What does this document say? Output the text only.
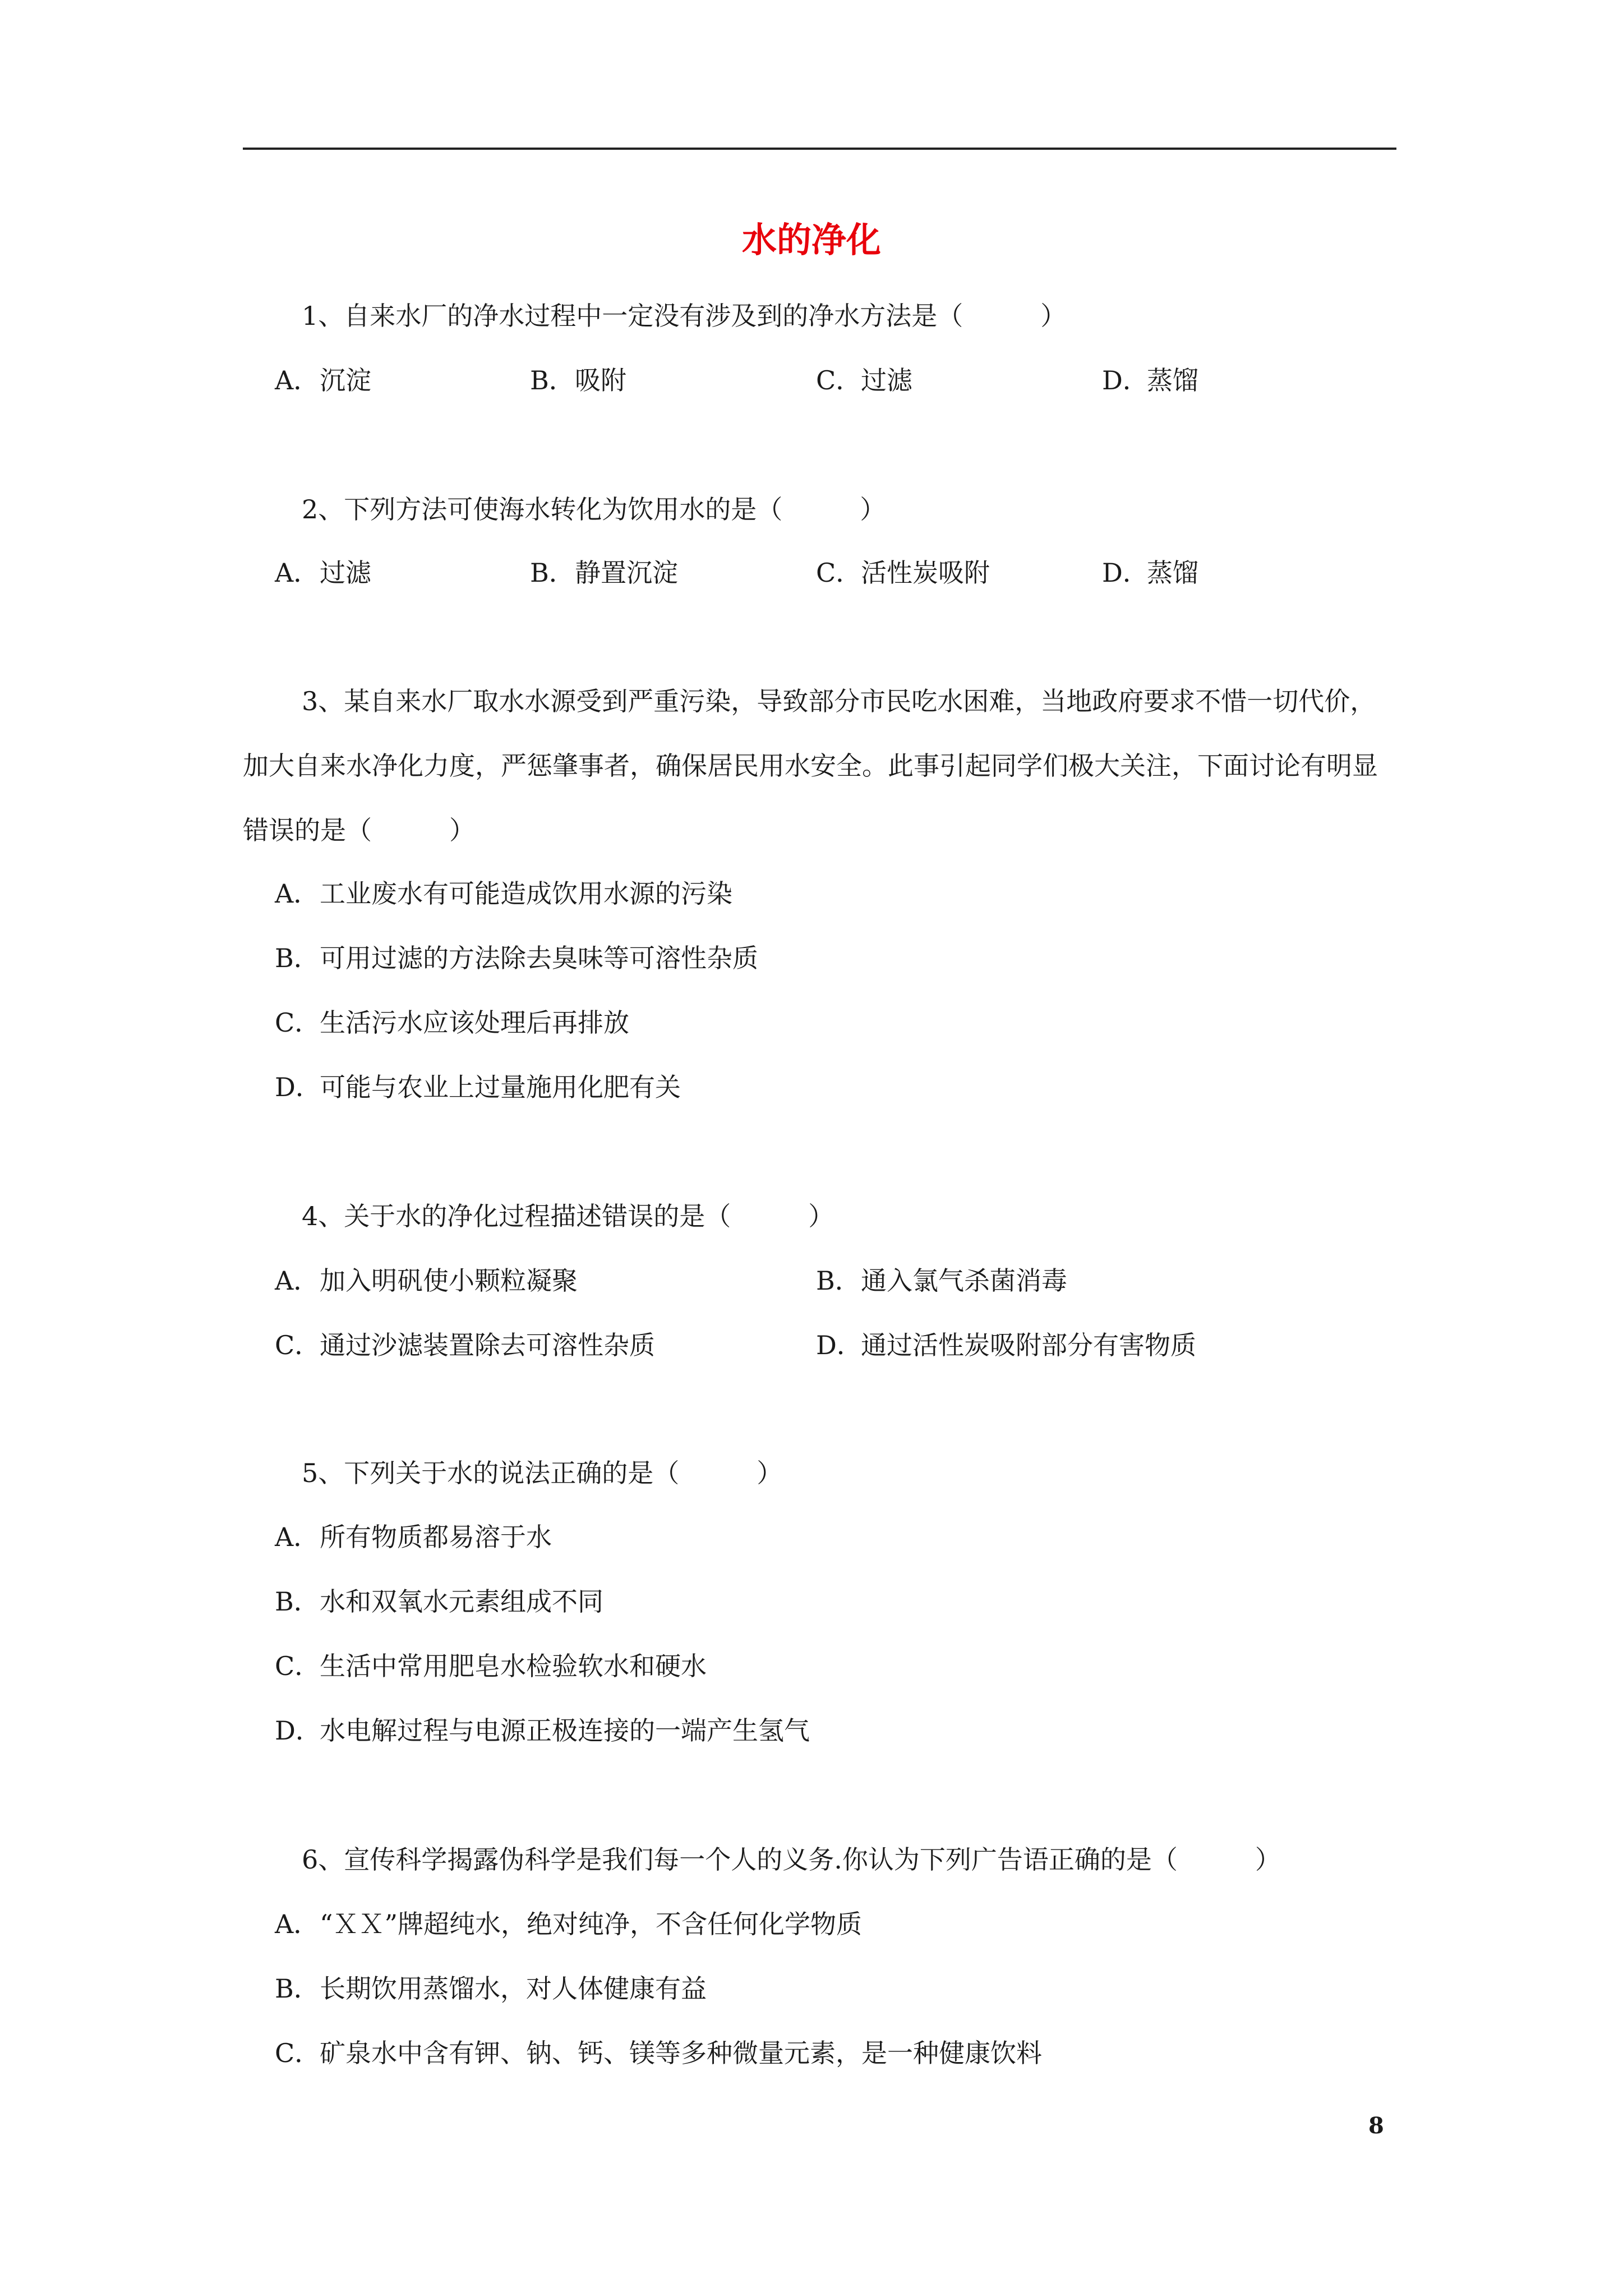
水的净化
1、自来水厂的净水过程中一定没有涉及到的净水方法是（　　　）
A．沉淀	B．吸附	C．过滤	D．蒸馏
2、下列方法可使海水转化为饮用水的是（　　　）
A．过滤	B．静置沉淀	C．活性炭吸附	D．蒸馏
3、某自来水厂取水水源受到严重污染，导致部分市民吃水困难，当地政府要求不惜一切代价，加大自来水净化力度，严惩肇事者，确保居民用水安全。此事引起同学们极大关注，下面讨论有明显错误的是（　　　）
A．工业废水有可能造成饮用水源的污染
B．可用过滤的方法除去臭味等可溶性杂质
C．生活污水应该处理后再排放
D．可能与农业上过量施用化肥有关
4、关于水的净化过程描述错误的是（　　　）
A．加入明矾使小颗粒凝聚	B．通入氯气杀菌消毒
C．通过沙滤装置除去可溶性杂质	D．通过活性炭吸附部分有害物质
5、下列关于水的说法正确的是（　　　）
A．所有物质都易溶于水
B．水和双氧水元素组成不同
C．生活中常用肥皂水检验软水和硬水
D．水电解过程与电源正极连接的一端产生氢气
6、宣传科学揭露伪科学是我们每一个人的义务.你认为下列广告语正确的是（　　　）
A．“ＸＸ”牌超纯水，绝对纯净，不含任何化学物质
B．长期饮用蒸馏水，对人体健康有益
C．矿泉水中含有钾、钠、钙、镁等多种微量元素，是一种健康饮料
8
